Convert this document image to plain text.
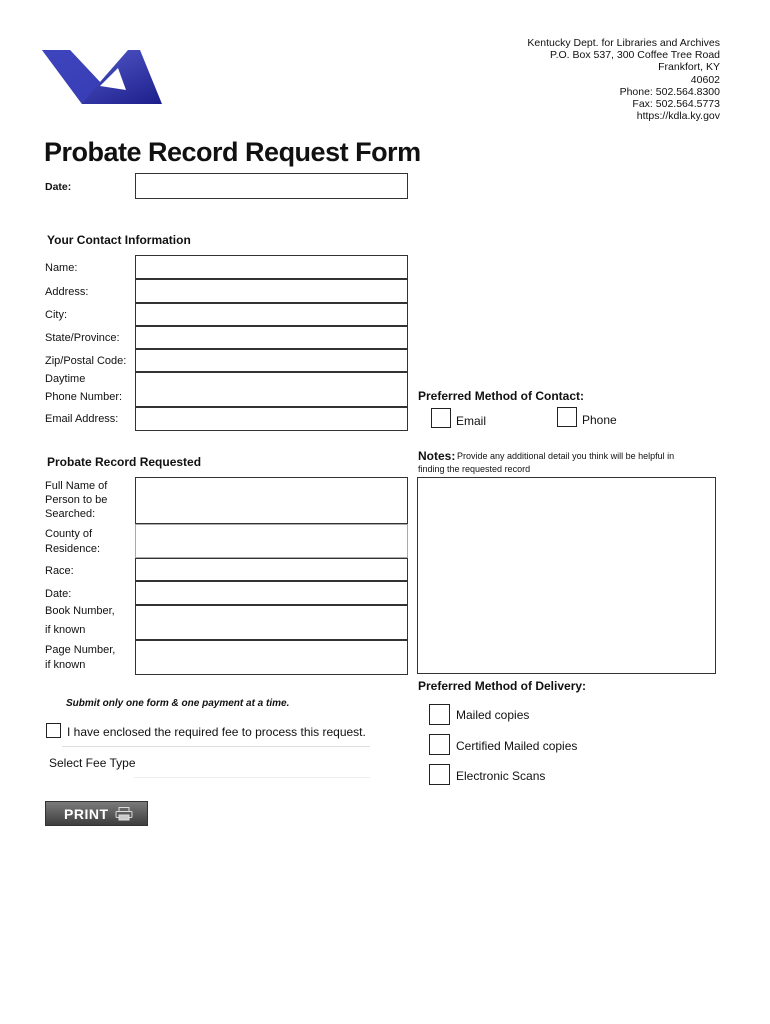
Kentucky Dept. for Libraries and Archives
P.O. Box 537, 300 Coffee Tree Road
Frankfort, KY
40602
Phone: 502.564.8300
Fax: 502.564.5773
https://kdla.ky.gov
Probate Record Request Form
Date:
Your Contact Information
Name:
Address:
City:
State/Province:
Zip/Postal Code:
Daytime
Phone Number:
Email Address:
Preferred Method of Contact:
Email	Phone
Probate Record Requested
Full Name of
Person to be
Searched:
County of
Residence:
Race:
Date:
Book Number,
if known
Page Number,
if known
Notes: Provide any additional detail you think will be helpful in
finding the requested record
Preferred Method of Delivery:
Mailed copies
Certified Mailed copies
Electronic Scans
Submit only one form & one payment at a time.
I have enclosed the required fee to process this request.
Select Fee Type
PRINT
